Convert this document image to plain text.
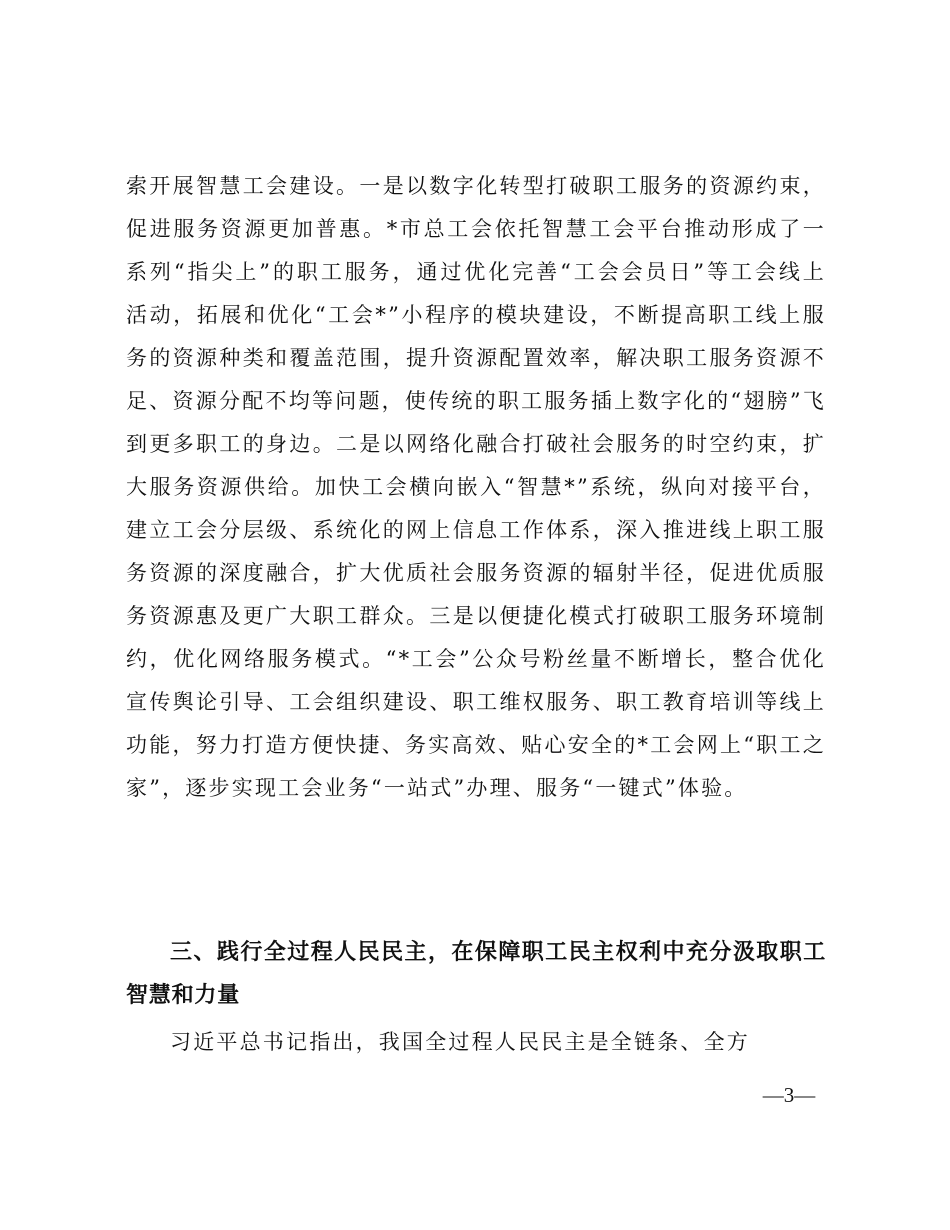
索开展智慧工会建设。一是以数字化转型打破职工服务的资源约束，促进服务资源更加普惠。*市总工会依托智慧工会平台推动形成了一系列“指尖上”的职工服务，通过优化完善“工会会员日”等工会线上活动，拓展和优化“工会*”小程序的模块建设，不断提高职工线上服务的资源种类和覆盖范围，提升资源配置效率，解决职工服务资源不足、资源分配不均等问题，使传统的职工服务插上数字化的“翅膀”飞到更多职工的身边。二是以网络化融合打破社会服务的时空约束，扩大服务资源供给。加快工会横向嵌入“智慧*”系统，纵向对接平台，建立工会分层级、系统化的网上信息工作体系，深入推进线上职工服务资源的深度融合，扩大优质社会服务资源的辐射半径，促进优质服务资源惠及更广大职工群众。三是以便捷化模式打破职工服务环境制约，优化网络服务模式。“*工会”公众号粉丝量不断增长，整合优化宣传舆论引导、工会组织建设、职工维权服务、职工教育培训等线上功能，努力打造方便快捷、务实高效、贴心安全的*工会网上“职工之家”，逐步实现工会业务“一站式”办理、服务“一键式”体验。

三、践行全过程人民民主，在保障职工民主权利中充分汲取职工智慧和力量

习近平总书记指出，我国全过程人民民主是全链条、全方

—3—
